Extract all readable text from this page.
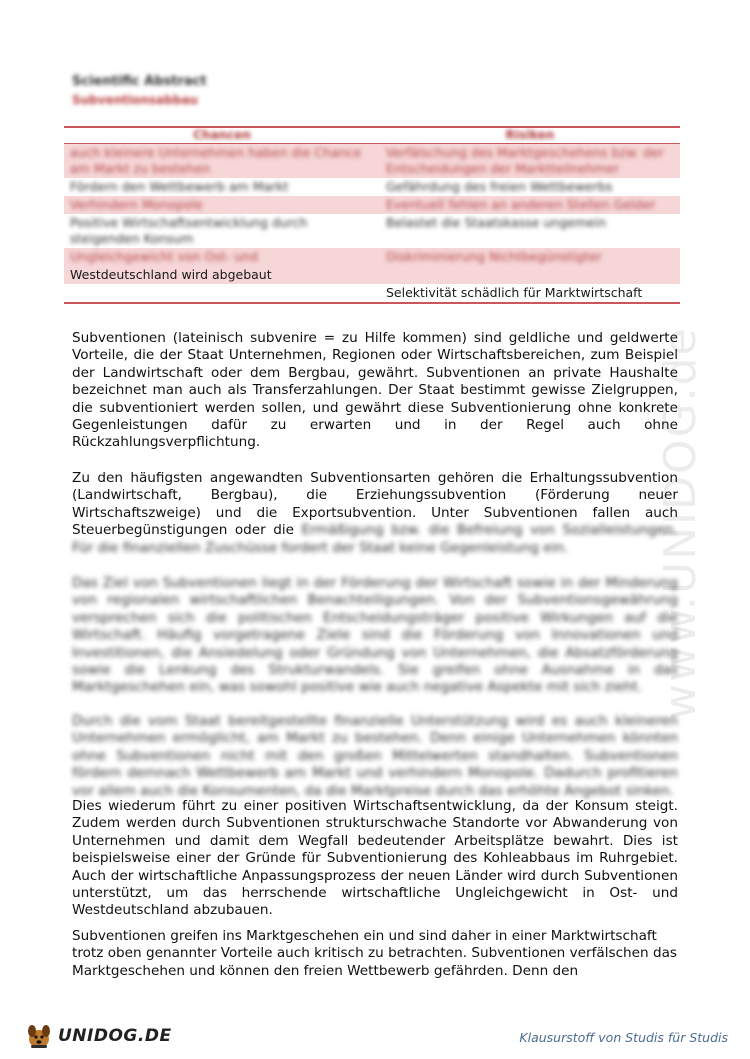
www.UNIDOG.de
Scientific Abstract
Subventionsabbau
Chancen	Risiken

auch kleinere Unternehmen haben die Chance am Markt zu bestehen	Verfälschung des Marktgeschehens bzw. der Entscheidungen der Marktteilnehmer

Fördern den Wettbewerb am Markt	Gefährdung des freien Wettbewerbs

Verhindern Monopole	Eventuell fehlen an anderen Stellen Gelder

Positive Wirtschaftsentwicklung durch steigenden Konsum	Belastet die Staatskasse ungemein

Ungleichgewicht von Ost- und	Diskriminierung Nichtbegünstigter

Westdeutschland wird abgebaut	

	Selektivität schädlich für Marktwirtschaft

Subventionen (lateinisch subvenire = zu Hilfe kommen) sind geldliche und geldwerte Vorteile, die der Staat Unternehmen, Regionen oder Wirtschaftsbereichen, zum Beispiel der Landwirtschaft oder dem Bergbau, gewährt. Subventionen an private Haushalte bezeichnet man auch als Transferzahlungen. Der Staat bestimmt gewisse Zielgruppen, die subventioniert werden sollen, und gewährt diese Subventionierung ohne konkrete Gegenleistungen dafür zu erwarten und in der Regel auch ohne Rückzahlungsverpflichtung.

Zu den häufigsten angewandten Subventionsarten gehören die Erhaltungssubvention (Landwirtschaft, Bergbau), die Erziehungssubvention (Förderung neuer Wirtschaftszweige) und die Exportsubvention. Unter Subventionen fallen auch Steuerbegünstigungen oder die Ermäßigung bzw. die Befreiung von Sozialleistungen. Für die finanziellen Zuschüsse fordert der Staat keine Gegenleistung ein.

Das Ziel von Subventionen liegt in der Förderung der Wirtschaft sowie in der Minderung von regionalen wirtschaftlichen Benachteiligungen. Von der Subventionsgewährung versprechen sich die politischen Entscheidungsträger positive Wirkungen auf die Wirtschaft. Häufig vorgetragene Ziele sind die Förderung von Innovationen und Investitionen, die Ansiedelung oder Gründung von Unternehmen, die Absatzförderung sowie die Lenkung des Strukturwandels. Sie greifen ohne Ausnahme in das Marktgeschehen ein, was sowohl positive wie auch negative Aspekte mit sich zieht.

Durch die vom Staat bereitgestellte finanzielle Unterstützung wird es auch kleineren Unternehmen ermöglicht, am Markt zu bestehen. Denn einige Unternehmen könnten ohne Subventionen nicht mit den großen Mittelwerten standhalten. Subventionen fördern demnach Wettbewerb am Markt und verhindern Monopole. Dadurch profitieren vor allem auch die Konsumenten, da die Marktpreise durch das erhöhte Angebot sinken.

Dies wiederum führt zu einer positiven Wirtschaftsentwicklung, da der Konsum steigt. Zudem werden durch Subventionen strukturschwache Standorte vor Abwanderung von Unternehmen und damit dem Wegfall bedeutender Arbeitsplätze bewahrt. Dies ist beispielsweise einer der Gründe für Subventionierung des Kohleabbaus im Ruhrgebiet. Auch der wirtschaftliche Anpassungsprozess der neuen Länder wird durch Subventionen unterstützt, um das herrschende wirtschaftliche Ungleichgewicht in Ost- und Westdeutschland abzubauen.

Subventionen greifen ins Marktgeschehen ein und sind daher in einer Marktwirtschaft trotz oben genannter Vorteile auch kritisch zu betrachten. Subventionen verfälschen das Marktgeschehen und können den freien Wettbewerb gefährden. Denn den

UNIDOG.DE	Klausurstoff von Studis für Studis
